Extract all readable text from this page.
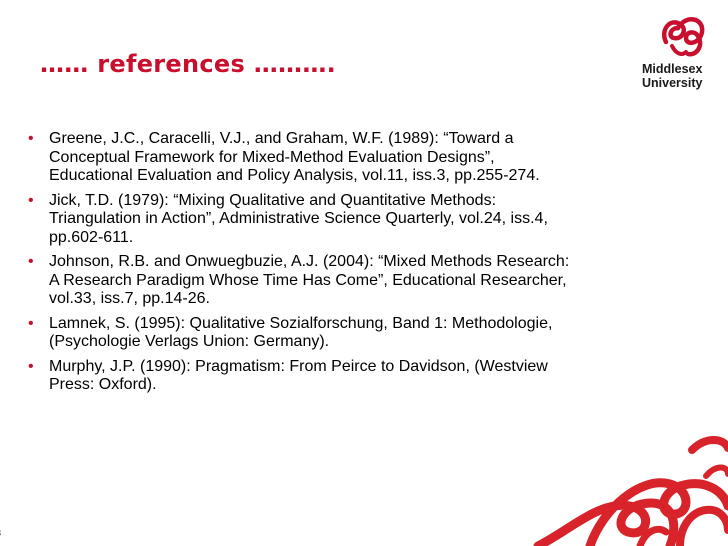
…… references ……….	Middlesex
University
• Greene, J.C., Caracelli, V.J., and Graham, W.F. (1989): “Toward a
Conceptual Framework for Mixed-Method Evaluation Designs”,
Educational Evaluation and Policy Analysis, vol.11, iss.3, pp.255-274.
• Jick, T.D. (1979): “Mixing Qualitative and Quantitative Methods:
Triangulation in Action”, Administrative Science Quarterly, vol.24, iss.4,
pp.602-611.
• Johnson, R.B. and Onwuegbuzie, A.J. (2004): “Mixed Methods Research:
A Research Paradigm Whose Time Has Come”, Educational Researcher,
vol.33, iss.7, pp.14-26.
• Lamnek, S. (1995): Qualitative Sozialforschung, Band 1: Methodologie,
(Psychologie Verlags Union: Germany).
• Murphy, J.P. (1990): Pragmatism: From Peirce to Davidson, (Westview
Press: Oxford).
